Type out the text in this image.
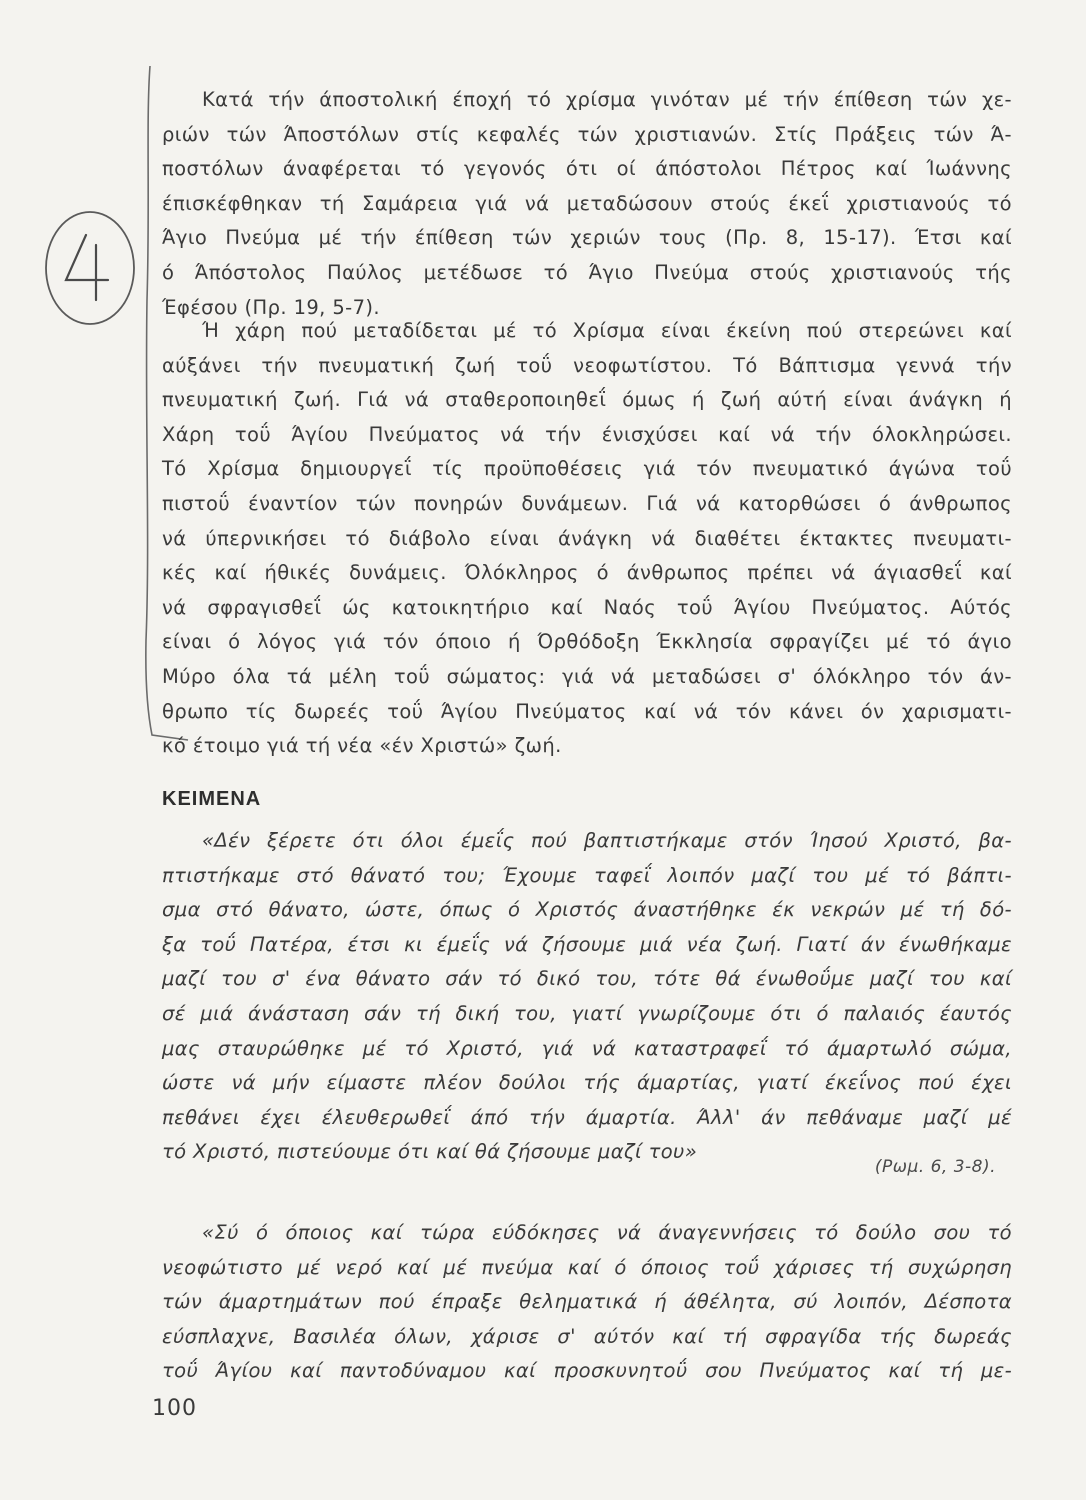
Κατά τήν άποστολική έποχή τό χρίσμα γινόταν μέ τήν έπίθεση τών χε-
ριών τών Άποστόλων στίς κεφαλές τών χριστιανών. Στίς Πράξεις τών Ά-
ποστόλων άναφέρεται τό γεγονός ότι οί άπόστολοι Πέτρος καί Ίωάννης
έπισκέφθηκαν τή Σαμάρεια γιά νά μεταδώσουν στούς έκεΐ χριστιανούς τό
Άγιο Πνεύμα μέ τήν έπίθεση τών χεριών τους (Πρ. 8, 15-17). Έτσι καί
ό Άπόστολος Παύλος μετέδωσε τό Άγιο Πνεύμα στούς χριστιανούς τής
Έφέσου (Πρ. 19, 5-7).
Ή χάρη πού μεταδίδεται μέ τό Χρίσμα είναι έκείνη πού στερεώνει καί
αύξάνει τήν πνευματική ζωή τοΰ νεοφωτίστου. Τό Βάπτισμα γεννά τήν
πνευματική ζωή. Γιά νά σταθεροποιηθεΐ όμως ή ζωή αύτή είναι άνάγκη ή
Χάρη τοΰ Άγίου Πνεύματος νά τήν ένισχύσει καί νά τήν όλοκληρώσει.
Τό Χρίσμα δημιουργεΐ τίς προϋποθέσεις γιά τόν πνευματικό άγώνα τοΰ
πιστοΰ έναντίον τών πονηρών δυνάμεων. Γιά νά κατορθώσει ό άνθρωπος
νά ύπερνικήσει τό διάβολο είναι άνάγκη νά διαθέτει έκτακτες πνευματι-
κές καί ήθικές δυνάμεις. Όλόκληρος ό άνθρωπος πρέπει νά άγιασθεΐ καί
νά σφραγισθεΐ ώς κατοικητήριο καί Ναός τοΰ Άγίου Πνεύματος. Αύτός
είναι ό λόγος γιά τόν όποιο ή Όρθόδοξη Έκκλησία σφραγίζει μέ τό άγιο
Μύρο όλα τά μέλη τοΰ σώματος: γιά νά μεταδώσει σ' όλόκληρο τόν άν-
θρωπο τίς δωρεές τοΰ Άγίου Πνεύματος καί νά τόν κάνει όν χαρισματι-
κό έτοιμο γιά τή νέα «έν Χριστώ» ζωή.
ΚΕΙΜΕΝΑ
«Δέν ξέρετε ότι όλοι έμεΐς πού βαπτιστήκαμε στόν Ίησού Χριστό, βα-
πτιστήκαμε στό θάνατό του; Έχουμε ταφεΐ λοιπόν μαζί του μέ τό βάπτι-
σμα στό θάνατο, ώστε, όπως ό Χριστός άναστήθηκε έκ νεκρών μέ τή δό-
ξα τοΰ Πατέρα, έτσι κι έμεΐς νά ζήσουμε μιά νέα ζωή. Γιατί άν ένωθήκαμε
μαζί του σ' ένα θάνατο σάν τό δικό του, τότε θά ένωθοΰμε μαζί του καί
σέ μιά άνάσταση σάν τή δική του, γιατί γνωρίζουμε ότι ό παλαιός έαυτός
μας σταυρώθηκε μέ τό Χριστό, γιά νά καταστραφεΐ τό άμαρτωλό σώμα,
ώστε νά μήν είμαστε πλέον δούλοι τής άμαρτίας, γιατί έκεΐνος πού έχει
πεθάνει έχει έλευθερωθεΐ άπό τήν άμαρτία. Άλλ' άν πεθάναμε μαζί μέ
τό Χριστό, πιστεύουμε ότι καί θά ζήσουμε μαζί του»
(Ρωμ. 6, 3-8).
«Σύ ό όποιος καί τώρα εύδόκησες νά άναγεννήσεις τό δούλο σου τό
νεοφώτιστο μέ νερό καί μέ πνεύμα καί ό όποιος τοΰ χάρισες τή συχώρηση
τών άμαρτημάτων πού έπραξε θεληματικά ή άθέλητα, σύ λοιπόν, Δέσποτα
εύσπλαχνε, Βασιλέα όλων, χάρισε σ' αύτόν καί τή σφραγίδα τής δωρεάς
τοΰ Άγίου καί παντοδύναμου καί προσκυνητοΰ σου Πνεύματος καί τή με-
100
